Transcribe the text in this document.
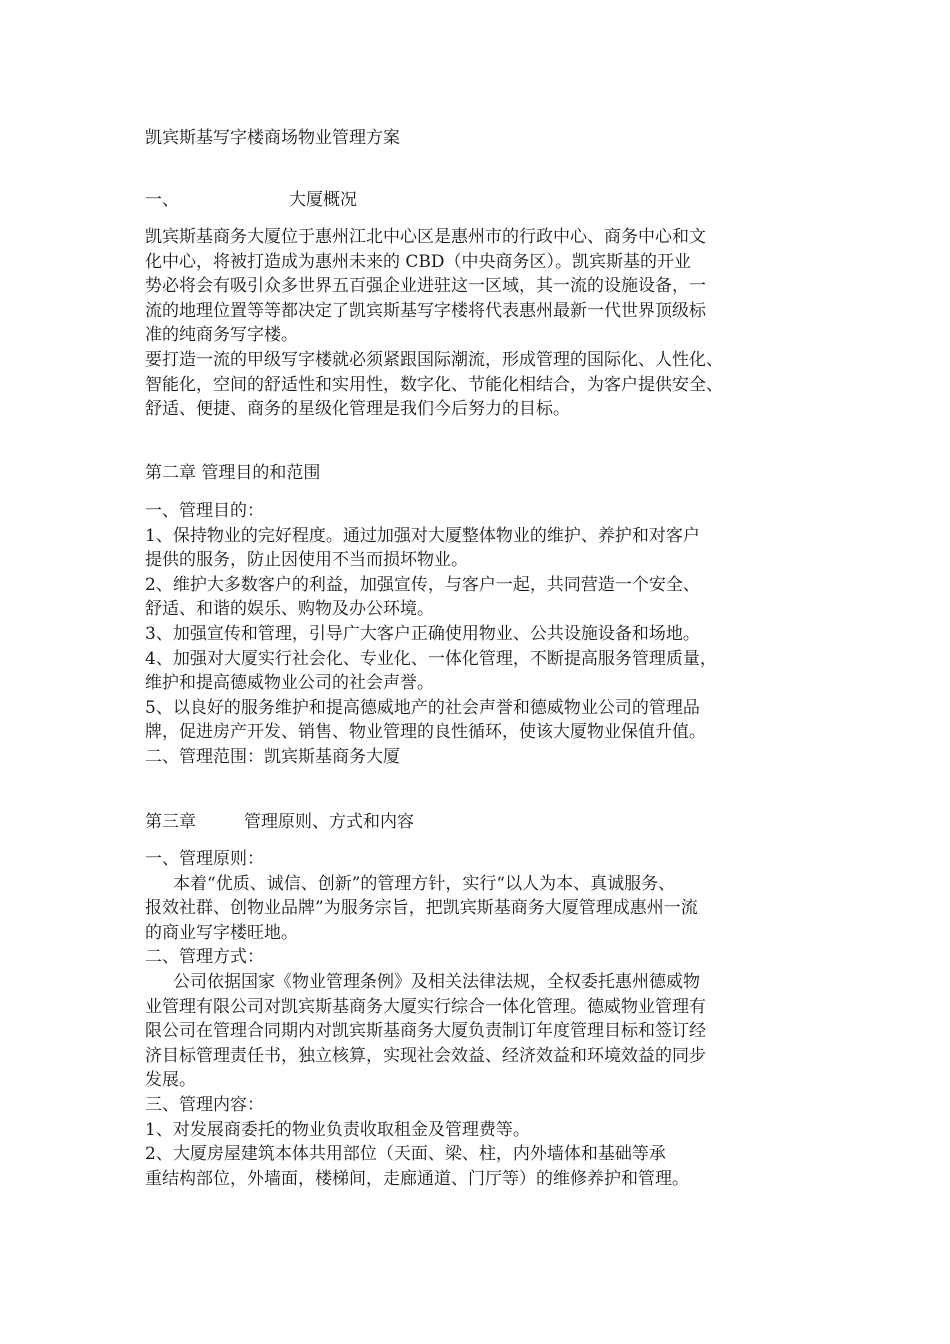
凯宾斯基写字楼商场物业管理方案
一、	大厦概况
凯宾斯基商务大厦位于惠州江北中心区是惠州市的行政中心、商务中心和文
化中心，将被打造成为惠州未来的 CBD（中央商务区）。凯宾斯基的开业
势必将会有吸引众多世界五百强企业进驻这一区域，其一流的设施设备，一
流的地理位置等等都决定了凯宾斯基写字楼将代表惠州最新一代世界顶级标
准的纯商务写字楼。
要打造一流的甲级写字楼就必须紧跟国际潮流，形成管理的国际化、人性化、
智能化，空间的舒适性和实用性，数字化、节能化相结合，为客户提供安全、
舒适、便捷、商务的星级化管理是我们今后努力的目标。
第二章 管理目的和范围
一、管理目的：
1、保持物业的完好程度。通过加强对大厦整体物业的维护、养护和对客户
提供的服务，防止因使用不当而损坏物业。
2、维护大多数客户的利益，加强宣传，与客户一起，共同营造一个安全、
舒适、和谐的娱乐、购物及办公环境。
3、加强宣传和管理，引导广大客户正确使用物业、公共设施设备和场地。
4、加强对大厦实行社会化、专业化、一体化管理，不断提高服务管理质量，
维护和提高德威物业公司的社会声誉。
5、以良好的服务维护和提高德威地产的社会声誉和德威物业公司的管理品
牌，促进房产开发、销售、物业管理的良性循环，使该大厦物业保值升值。
二、管理范围：凯宾斯基商务大厦
第三章	管理原则、方式和内容
一、管理原则：
本着“优质、诚信、创新”的管理方针，实行“以人为本、真诚服务、
报效社群、创物业品牌”为服务宗旨，把凯宾斯基商务大厦管理成惠州一流
的商业写字楼旺地。
二、管理方式：
公司依据国家《物业管理条例》及相关法律法规，全权委托惠州德威物
业管理有限公司对凯宾斯基商务大厦实行综合一体化管理。德威物业管理有
限公司在管理合同期内对凯宾斯基商务大厦负责制订年度管理目标和签订经
济目标管理责任书，独立核算，实现社会效益、经济效益和环境效益的同步
发展。
三、管理内容：
1、对发展商委托的物业负责收取租金及管理费等。
2、大厦房屋建筑本体共用部位（天面、梁、柱，内外墙体和基础等承
重结构部位，外墙面，楼梯间，走廊通道、门厅等）的维修养护和管理。
